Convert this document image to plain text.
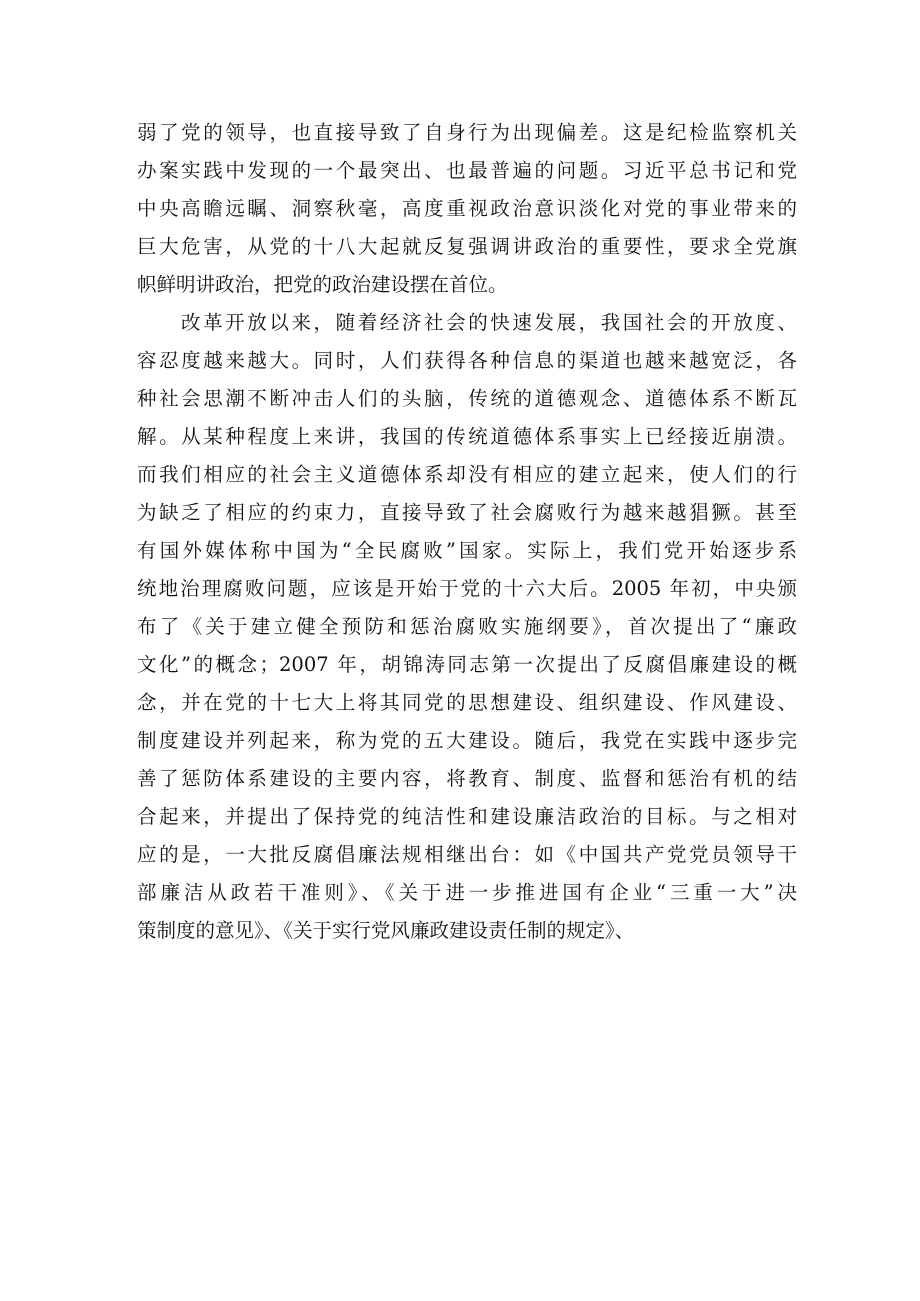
弱了党的领导，也直接导致了自身行为出现偏差。这是纪检监察机关
办案实践中发现的一个最突出、也最普遍的问题。习近平总书记和党
中央高瞻远瞩、洞察秋毫，高度重视政治意识淡化对党的事业带来的
巨大危害，从党的十八大起就反复强调讲政治的重要性，要求全党旗
帜鲜明讲政治，把党的政治建设摆在首位。
改革开放以来，随着经济社会的快速发展，我国社会的开放度、
容忍度越来越大。同时，人们获得各种信息的渠道也越来越宽泛，各
种社会思潮不断冲击人们的头脑，传统的道德观念、道德体系不断瓦
解。从某种程度上来讲，我国的传统道德体系事实上已经接近崩溃。
而我们相应的社会主义道德体系却没有相应的建立起来，使人们的行
为缺乏了相应的约束力，直接导致了社会腐败行为越来越猖獗。甚至
有国外媒体称中国为“全民腐败”国家。实际上，我们党开始逐步系
统地治理腐败问题，应该是开始于党的十六大后。2005 年初，中央颁
布了《关于建立健全预防和惩治腐败实施纲要》，首次提出了“廉政
文化”的概念；2007 年，胡锦涛同志第一次提出了反腐倡廉建设的概
念，并在党的十七大上将其同党的思想建设、组织建设、作风建设、
制度建设并列起来，称为党的五大建设。随后，我党在实践中逐步完
善了惩防体系建设的主要内容，将教育、制度、监督和惩治有机的结
合起来，并提出了保持党的纯洁性和建设廉洁政治的目标。与之相对
应的是，一大批反腐倡廉法规相继出台：如《中国共产党党员领导干
部廉洁从政若干准则》、《关于进一步推进国有企业“三重一大”决
策制度的意见》、《关于实行党风廉政建设责任制的规定》、
